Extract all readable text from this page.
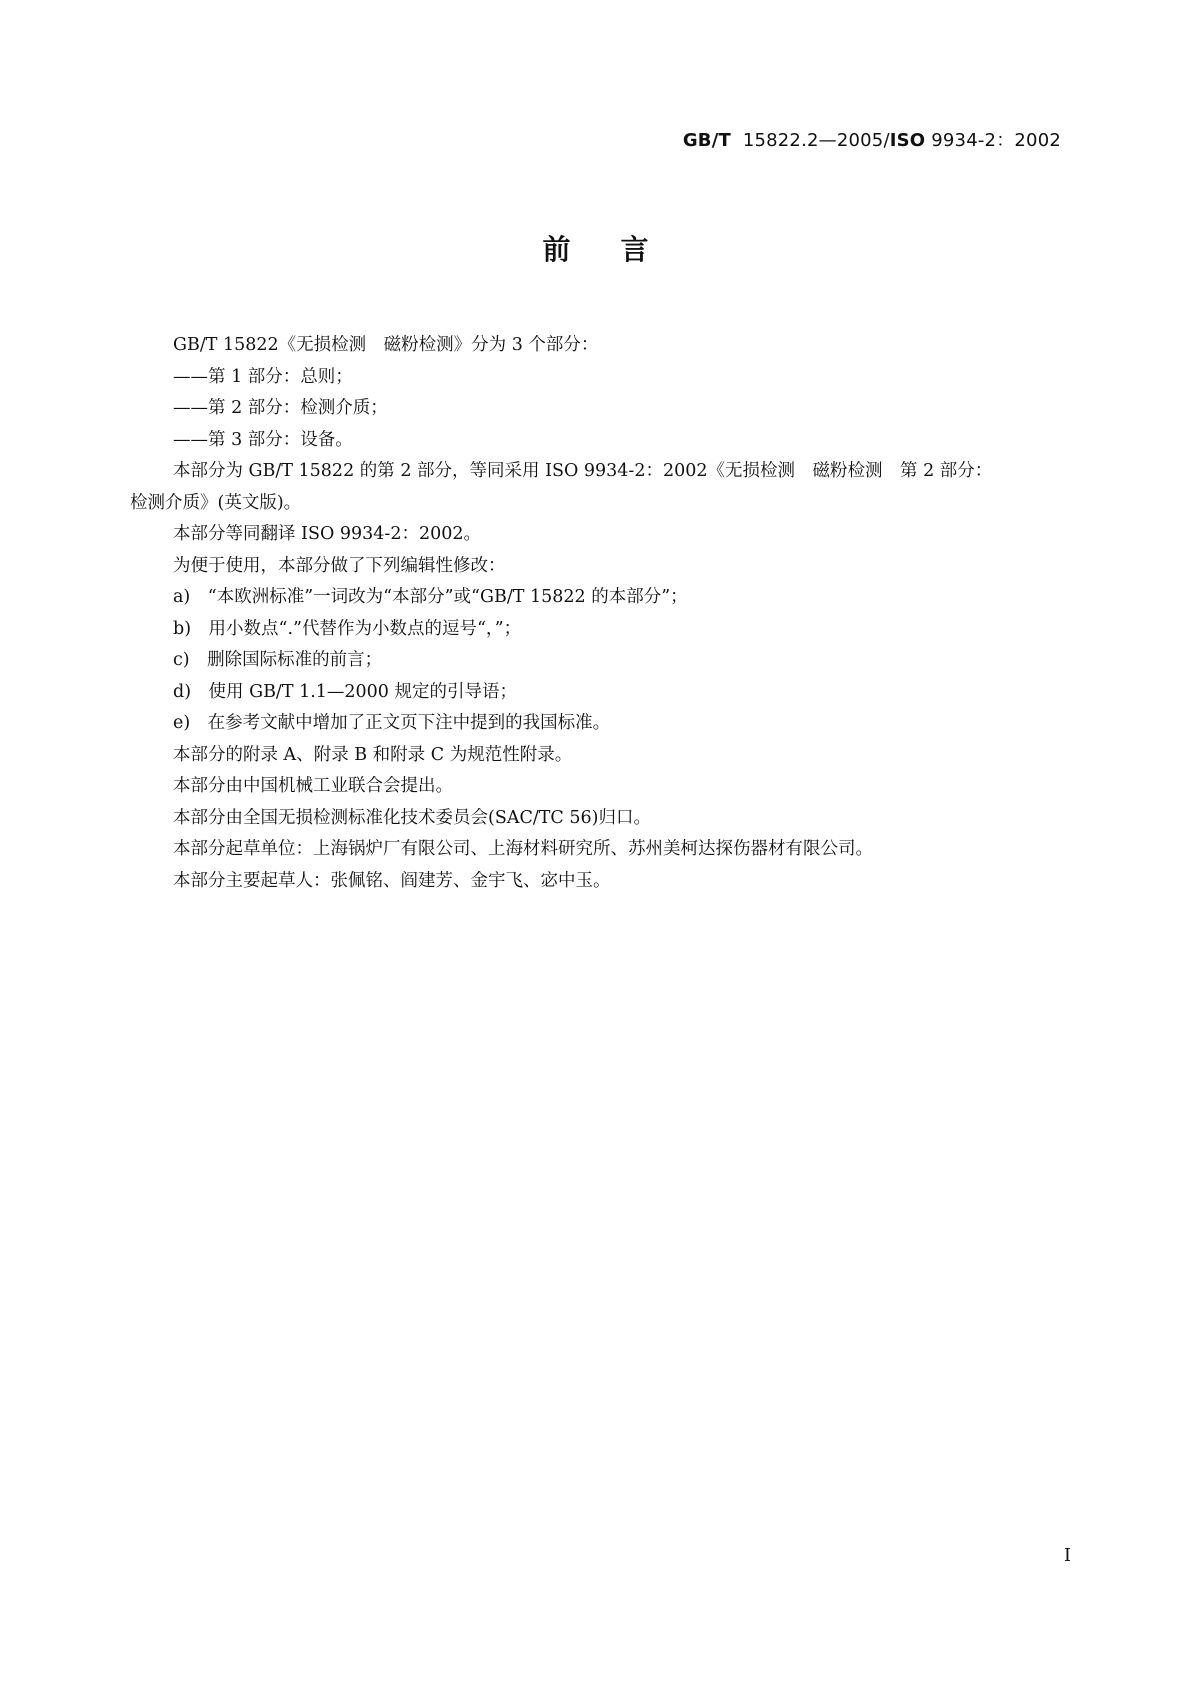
GB/T 15822.2—2005/ISO 9934-2：2002
前言

GB/T 15822《无损检测　磁粉检测》分为 3 个部分：

——第 1 部分：总则；

——第 2 部分：检测介质；

——第 3 部分：设备。

本部分为 GB/T 15822 的第 2 部分，等同采用 ISO 9934-2：2002《无损检测　磁粉检测　第 2 部分：
检测介质》(英文版)。

本部分等同翻译 ISO 9934-2：2002。

为便于使用，本部分做了下列编辑性修改：

a)　“本欧洲标准”一词改为“本部分”或“GB/T 15822 的本部分”；

b)　用小数点“.”代替作为小数点的逗号“，”；

c)　删除国际标准的前言；

d)　使用 GB/T 1.1—2000 规定的引导语；

e)　在参考文献中增加了正文页下注中提到的我国标准。

本部分的附录 A、附录 B 和附录 C 为规范性附录。

本部分由中国机械工业联合会提出。

本部分由全国无损检测标准化技术委员会(SAC/TC 56)归口。

本部分起草单位：上海锅炉厂有限公司、上海材料研究所、苏州美柯达探伤器材有限公司。

本部分主要起草人：张佩铭、阎建芳、金宇飞、宓中玉。

I
